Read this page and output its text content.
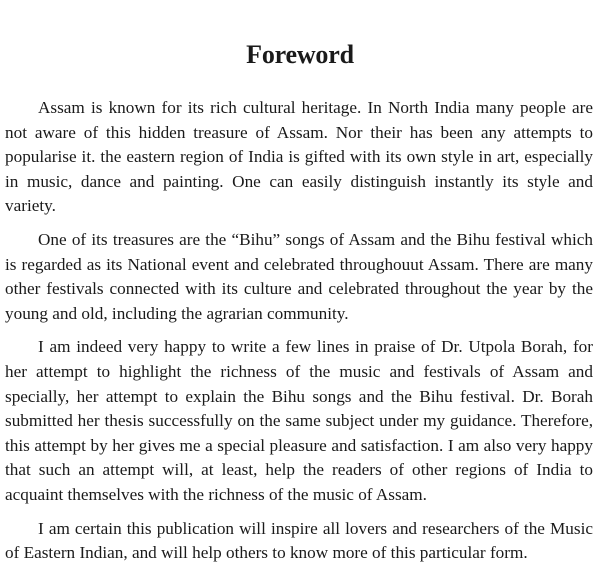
Foreword

Assam is known for its rich cultural heritage. In North India many people are not aware of this hidden treasure of Assam. Nor their has been any attempts to popularise it. the eastern region of India is gifted with its own style in art, especially in music, dance and painting. One can easily distinguish instantly its style and variety.

One of its treasures are the “Bihu” songs of Assam and the Bihu festival which is regarded as its National event and celebrated throughouut Assam. There are many other festivals connected with its culture and celebrated throughout the year by the young and old, including the agrarian community.

I am indeed very happy to write a few lines in praise of Dr. Utpola Borah, for her attempt to highlight the richness of the music and festivals of Assam and specially, her attempt to explain the Bihu songs and the Bihu festival. Dr. Borah submitted her thesis successfully on the same subject under my guidance. Therefore, this attempt by her gives me a special pleasure and satisfaction. I am also very happy that such an attempt will, at least, help the readers of other regions of India to acquaint themselves with the richness of the music of Assam.

I am certain this publication will inspire all lovers and researchers of the Music of Eastern Indian, and will help others to know more of this particular form.
